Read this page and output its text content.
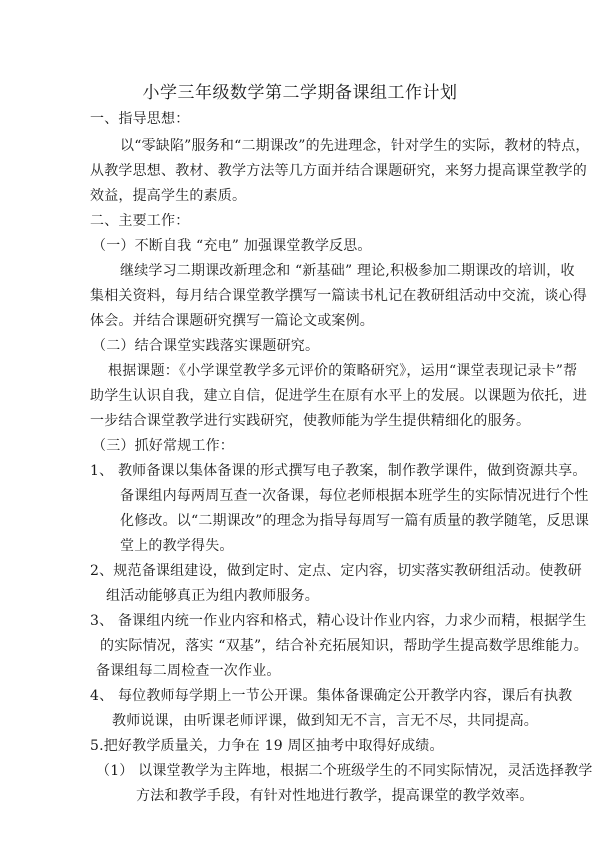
小学三年级数学第二学期备课组工作计划
一、指导思想：
以“零缺陷”服务和“二期课改”的先进理念，针对学生的实际，教材的特点，
从教学思想、教材、教学方法等几方面并结合课题研究，来努力提高课堂教学的
效益，提高学生的素质。
二、主要工作：
（一）不断自我 “充电” 加强课堂教学反思。
继续学习二期课改新理念和 “新基础” 理论,积极参加二期课改的培训，收
集相关资料，每月结合课堂教学撰写一篇读书札记在教研组活动中交流，谈心得
体会。并结合课题研究撰写一篇论文或案例。
（二）结合课堂实践落实课题研究。
根据课题：《小学课堂教学多元评价的策略研究》，运用“课堂表现记录卡”帮
助学生认识自我，建立自信，促进学生在原有水平上的发展。以课题为依托，进
一步结合课堂教学进行实践研究，使教师能为学生提供精细化的服务。
（三）抓好常规工作：
1、 教师备课以集体备课的形式撰写电子教案，制作教学课件，做到资源共享。
备课组内每两周互查一次备课，每位老师根据本班学生的实际情况进行个性
化修改。以“二期课改”的理念为指导每周写一篇有质量的教学随笔，反思课
堂上的教学得失。
2、规范备课组建设，做到定时、定点、定内容，切实落实教研组活动。使教研
组活动能够真正为组内教师服务。
3、 备课组内统一作业内容和格式，精心设计作业内容，力求少而精，根据学生
的实际情况，落实 “双基”，结合补充拓展知识，帮助学生提高数学思维能力。
备课组每二周检查一次作业。
4、 每位教师每学期上一节公开课。集体备课确定公开教学内容，课后有执教
教师说课，由听课老师评课，做到知无不言，言无不尽，共同提高。
5.把好教学质量关，力争在 19 周区抽考中取得好成绩。
（1） 以课堂教学为主阵地，根据二个班级学生的不同实际情况，灵活选择教学
方法和教学手段，有针对性地进行教学，提高课堂的教学效率。
